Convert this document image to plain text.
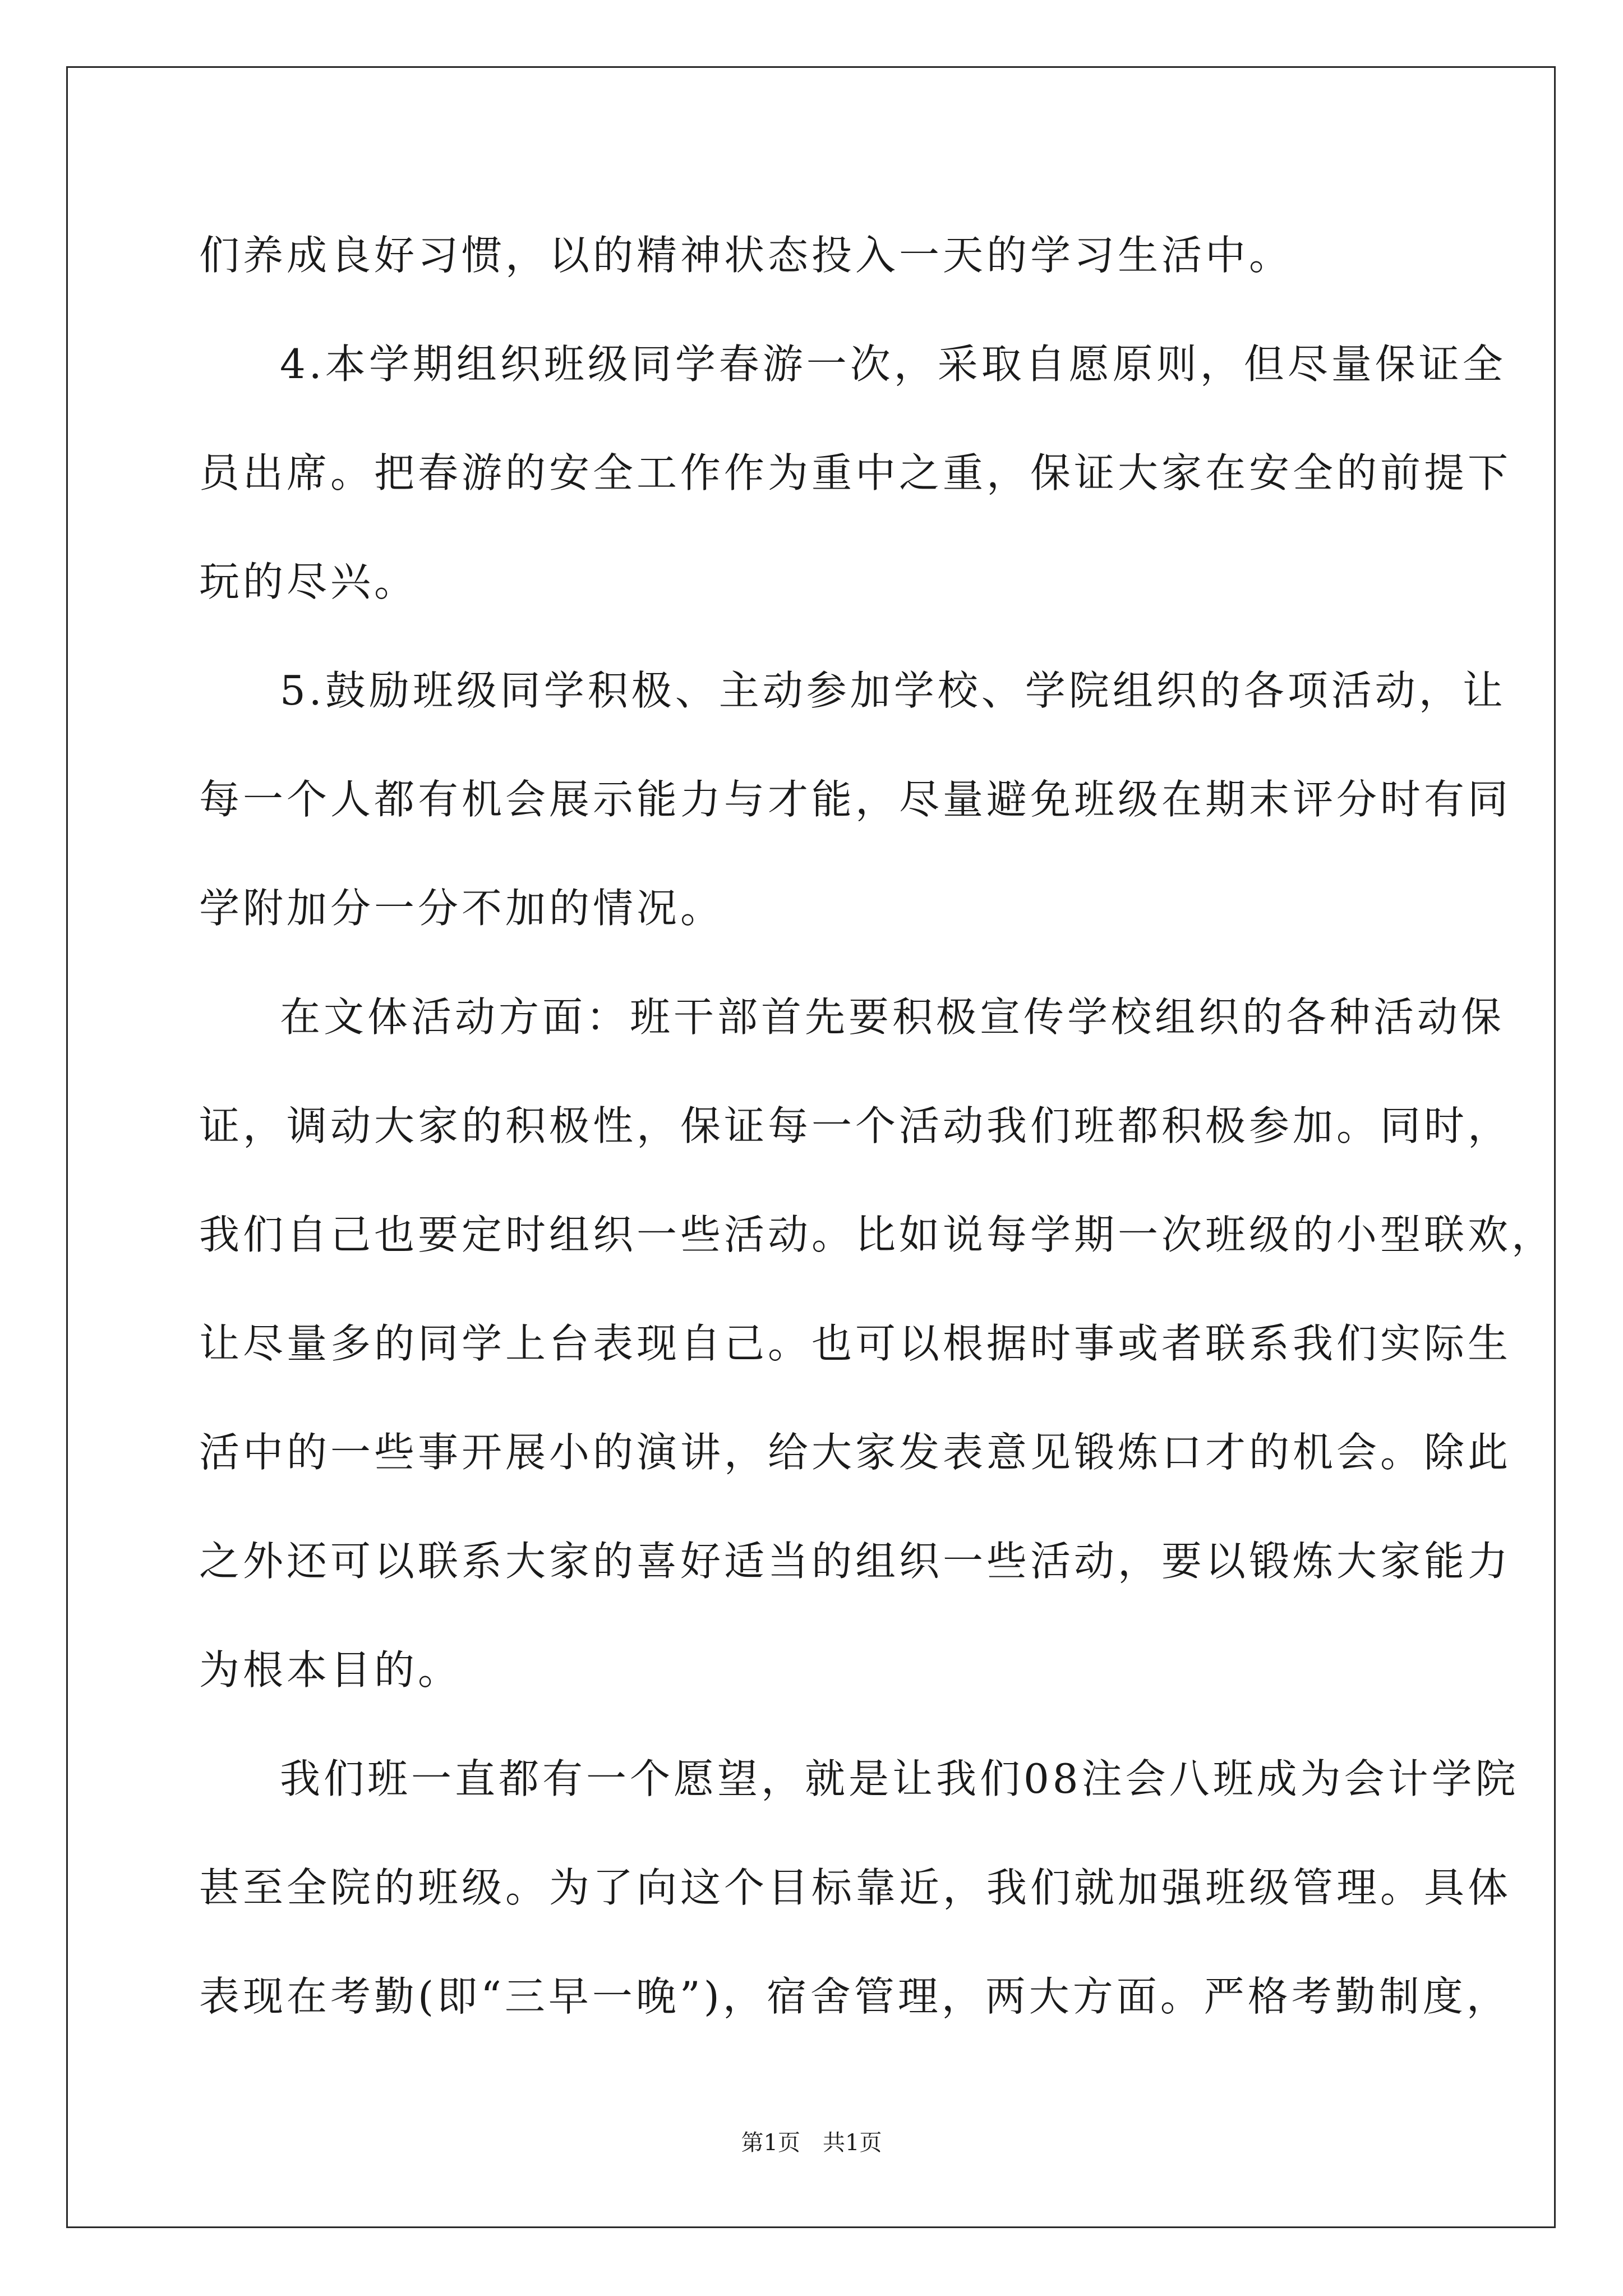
们养成良好习惯，以的精神状态投入一天的学习生活中。
4.本学期组织班级同学春游一次，采取自愿原则，但尽量保证全
员出席。把春游的安全工作作为重中之重，保证大家在安全的前提下
玩的尽兴。
5.鼓励班级同学积极、主动参加学校、学院组织的各项活动，让
每一个人都有机会展示能力与才能，尽量避免班级在期末评分时有同
学附加分一分不加的情况。
在文体活动方面：班干部首先要积极宣传学校组织的各种活动保
证，调动大家的积极性，保证每一个活动我们班都积极参加。同时，
我们自己也要定时组织一些活动。比如说每学期一次班级的小型联欢，
让尽量多的同学上台表现自己。也可以根据时事或者联系我们实际生
活中的一些事开展小的演讲，给大家发表意见锻炼口才的机会。除此
之外还可以联系大家的喜好适当的组织一些活动，要以锻炼大家能力
为根本目的。
我们班一直都有一个愿望，就是让我们08注会八班成为会计学院
甚至全院的班级。为了向这个目标靠近，我们就加强班级管理。具体
表现在考勤(即“三早一晚”)，宿舍管理，两大方面。严格考勤制度，
第1页 共1页
